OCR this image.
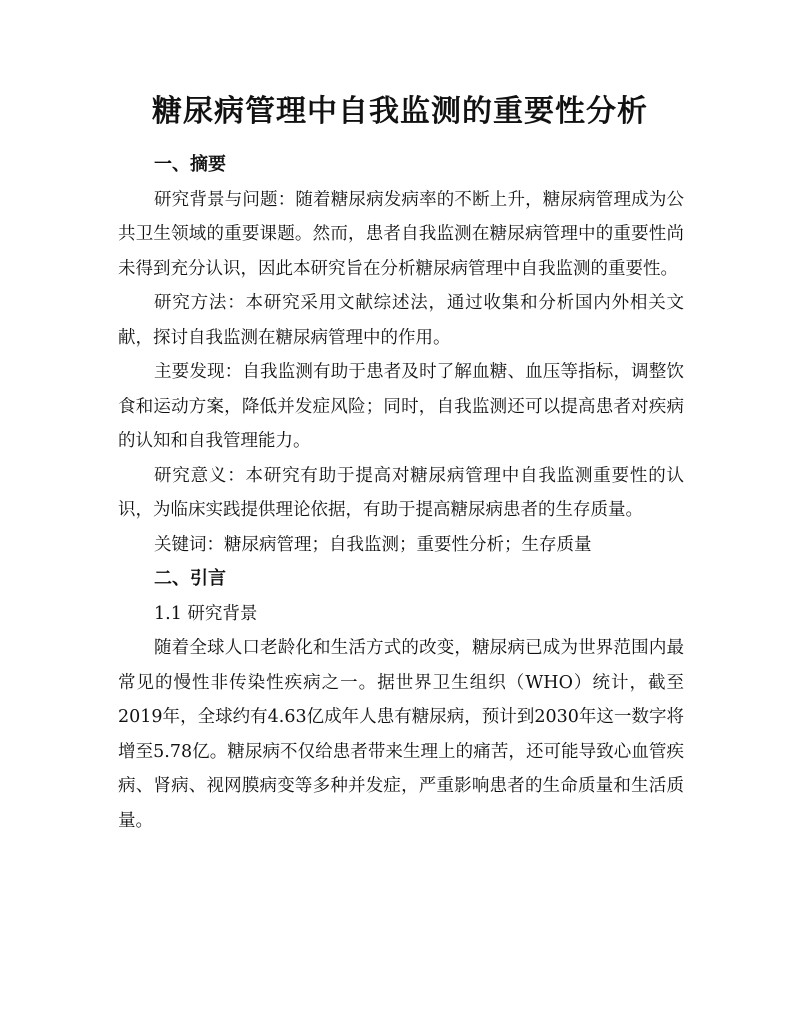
糖尿病管理中自我监测的重要性分析

一、摘要

研究背景与问题：随着糖尿病发病率的不断上升，糖尿病管理成为公共卫生领域的重要课题。然而，患者自我监测在糖尿病管理中的重要性尚未得到充分认识，因此本研究旨在分析糖尿病管理中自我监测的重要性。

研究方法：本研究采用文献综述法，通过收集和分析国内外相关文献，探讨自我监测在糖尿病管理中的作用。

主要发现：自我监测有助于患者及时了解血糖、血压等指标，调整饮食和运动方案，降低并发症风险；同时，自我监测还可以提高患者对疾病的认知和自我管理能力。

研究意义：本研究有助于提高对糖尿病管理中自我监测重要性的认识，为临床实践提供理论依据，有助于提高糖尿病患者的生存质量。

关键词：糖尿病管理；自我监测；重要性分析；生存质量

二、引言

1.1 研究背景

随着全球人口老龄化和生活方式的改变，糖尿病已成为世界范围内最常见的慢性非传染性疾病之一。据世界卫生组织（WHO）统计，截至2019年，全球约有4.63亿成年人患有糖尿病，预计到2030年这一数字将增至5.78亿。糖尿病不仅给患者带来生理上的痛苦，还可能导致心血管疾病、肾病、视网膜病变等多种并发症，严重影响患者的生命质量和生活质量。
